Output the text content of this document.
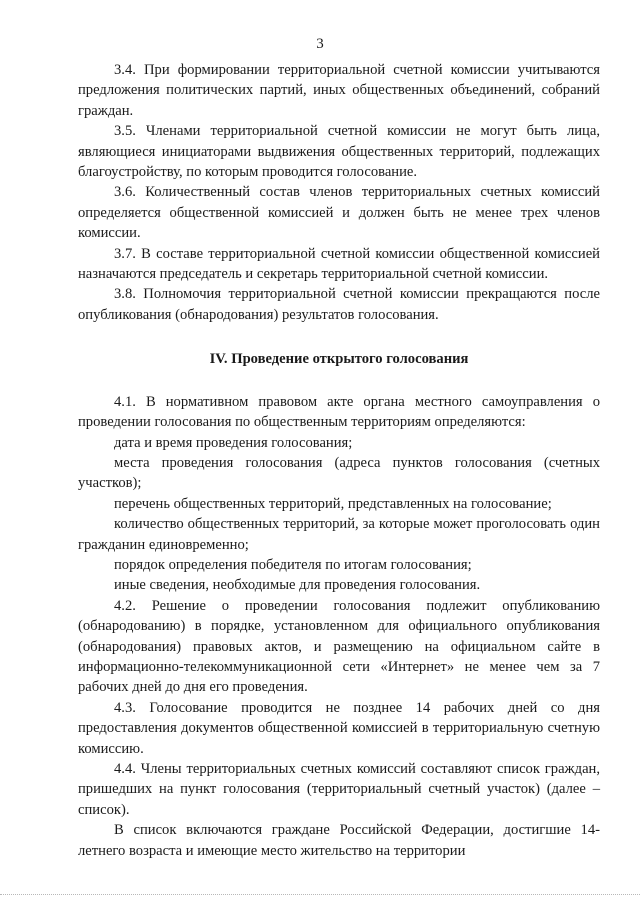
3

3.4. При формировании территориальной счетной комиссии учитываются предложения политических партий, иных общественных объединений, собраний граждан.

3.5. Членами территориальной счетной комиссии не могут быть лица, являющиеся инициаторами выдвижения общественных территорий, подлежащих благоустройству, по которым проводится голосование.

3.6. Количественный состав членов территориальных счетных комиссий определяется общественной комиссией и должен быть не менее трех членов комиссии.

3.7. В составе территориальной счетной комиссии общественной комиссией назначаются председатель и секретарь территориальной счетной комиссии.

3.8. Полномочия территориальной счетной комиссии прекращаются после опубликования (обнародования) результатов голосования.

IV. Проведение открытого голосования

4.1. В нормативном правовом акте органа местного самоуправления о проведении голосования по общественным территориям определяются:

дата и время проведения голосования;

места проведения голосования (адреса пунктов голосования (счетных участков);

перечень общественных территорий, представленных на голосование;

количество общественных территорий, за которые может проголосовать один гражданин единовременно;

порядок определения победителя по итогам голосования;

иные сведения, необходимые для проведения голосования.

4.2. Решение о проведении голосования подлежит опубликованию (обнародованию) в порядке, установленном для официального опубликования (обнародования) правовых актов, и размещению на официальном сайте в информационно-телекоммуникационной сети «Интернет» не менее чем за 7 рабочих дней до дня его проведения.

4.3. Голосование проводится не позднее 14 рабочих дней со дня предоставления документов общественной комиссией в территориальную счетную комиссию.

4.4. Члены территориальных счетных комиссий составляют список граждан, пришедших на пункт голосования (территориальный счетный участок) (далее – список).

В список включаются граждане Российской Федерации, достигшие 14-летнего возраста и имеющие место жительство на территории
